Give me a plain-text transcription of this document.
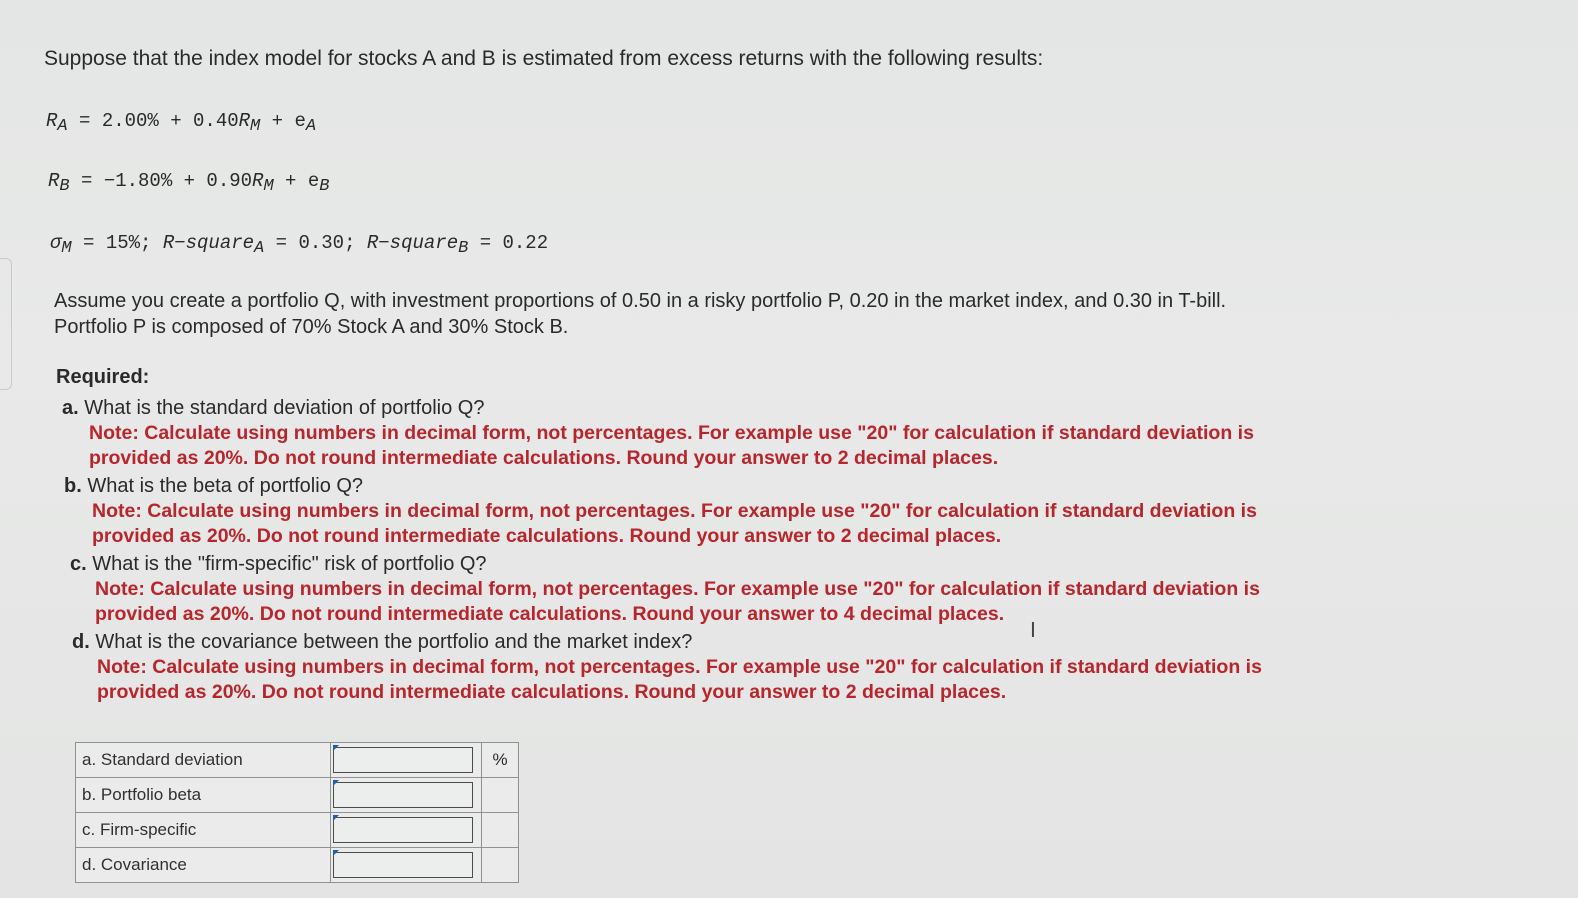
Suppose that the index model for stocks A and B is estimated from excess returns with the following results:
RA = 2.00% + 0.40RM + eA
RB = −1.80% + 0.90RM + eB
σM = 15%; R−squareA = 0.30; R−squareB = 0.22
Assume you create a portfolio Q, with investment proportions of 0.50 in a risky portfolio P, 0.20 in the market index, and 0.30 in T-bill.
Portfolio P is composed of 70% Stock A and 30% Stock B.
Required:
a. What is the standard deviation of portfolio Q?
Note: Calculate using numbers in decimal form, not percentages. For example use "20" for calculation if standard deviation is
provided as 20%. Do not round intermediate calculations. Round your answer to 2 decimal places.
b. What is the beta of portfolio Q?
Note: Calculate using numbers in decimal form, not percentages. For example use "20" for calculation if standard deviation is
provided as 20%. Do not round intermediate calculations. Round your answer to 2 decimal places.
c. What is the "firm-specific" risk of portfolio Q?
Note: Calculate using numbers in decimal form, not percentages. For example use "20" for calculation if standard deviation is
provided as 20%. Do not round intermediate calculations. Round your answer to 4 decimal places.
d. What is the covariance between the portfolio and the market index?
Note: Calculate using numbers in decimal form, not percentages. For example use "20" for calculation if standard deviation is
provided as 20%. Do not round intermediate calculations. Round your answer to 2 decimal places.
I
a. Standard deviation		%
b. Portfolio beta	

c. Firm-specific	

d. Covariance	
